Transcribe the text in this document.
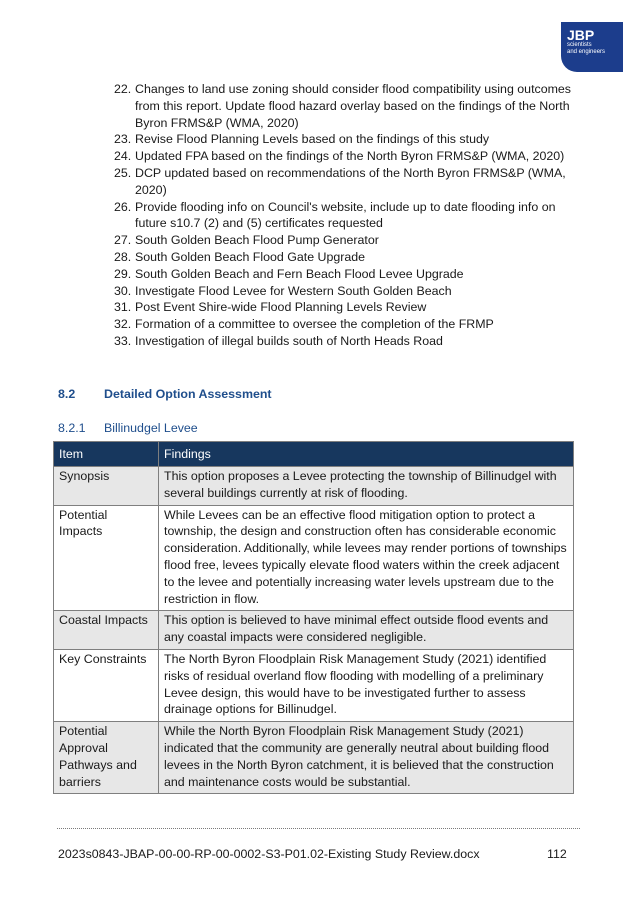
JBP
scientists
and engineers
22. Changes to land use zoning should consider flood compatibility using outcomes from this report. Update flood hazard overlay based on the findings of the North Byron FRMS&P (WMA, 2020)
23. Revise Flood Planning Levels based on the findings of this study
24. Updated FPA based on the findings of the North Byron FRMS&P (WMA, 2020)
25. DCP updated based on recommendations of the North Byron FRMS&P (WMA, 2020)
26. Provide flooding info on Council's website, include up to date flooding info on future s10.7 (2) and (5) certificates requested
27. South Golden Beach Flood Pump Generator
28. South Golden Beach Flood Gate Upgrade
29. South Golden Beach and Fern Beach Flood Levee Upgrade
30. Investigate Flood Levee for Western South Golden Beach
31. Post Event Shire-wide Flood Planning Levels Review
32. Formation of a committee to oversee the completion of the FRMP
33. Investigation of illegal builds south of North Heads Road
8.2 Detailed Option Assessment
8.2.1 Billinudgel Levee
Item	Findings
Synopsis	This option proposes a Levee protecting the township of Billinudgel with several buildings currently at risk of flooding.
Potential Impacts	While Levees can be an effective flood mitigation option to protect a township, the design and construction often has considerable economic consideration. Additionally, while levees may render portions of townships flood free, levees typically elevate flood waters within the creek adjacent to the levee and potentially increasing water levels upstream due to the restriction in flow.
Coastal Impacts	This option is believed to have minimal effect outside flood events and any coastal impacts were considered negligible.
Key Constraints	The North Byron Floodplain Risk Management Study (2021) identified risks of residual overland flow flooding with modelling of a preliminary Levee design, this would have to be investigated further to assess drainage options for Billinudgel.
Potential Approval Pathways and barriers	While the North Byron Floodplain Risk Management Study (2021) indicated that the community are generally neutral about building flood levees in the North Byron catchment, it is believed that the construction and maintenance costs would be substantial.
2023s0843-JBAP-00-00-RP-00-0002-S3-P01.02-Existing Study Review.docx	112
